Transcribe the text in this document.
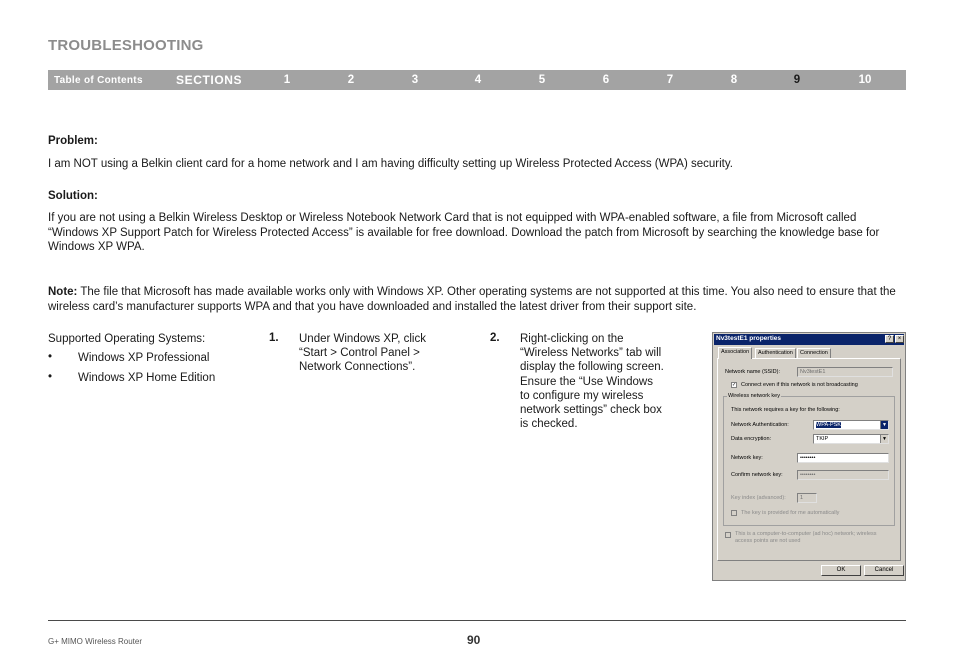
TROUBLESHOOTING
Table of Contents	SECTIONS	1	2	3	4	5	6	7	8	9	10
Problem:
I am NOT using a Belkin client card for a home network and I am having difficulty setting up Wireless Protected Access (WPA) security.
Solution:
If you are not using a Belkin Wireless Desktop or Wireless Notebook Network Card that is not equipped with WPA-enabled software, a file from Microsoft called “Windows XP Support Patch for Wireless Protected Access” is available for free download. Download the patch from Microsoft by searching the knowledge base for Windows XP WPA.
Note: The file that Microsoft has made available works only with Windows XP. Other operating systems are not supported at this time. You also need to ensure that the wireless card’s manufacturer supports WPA and that you have downloaded and installed the latest driver from their support site.
Supported Operating Systems:
• Windows XP Professional
• Windows XP Home Edition
1. Under Windows XP, click
“Start > Control Panel >
Network Connections”.
2. Right-clicking on the
“Wireless Networks” tab will
display the following screen.
Ensure the “Use Windows
to configure my wireless
network settings” check box
is checked.
Nv3testE1 properties	?	×
Association	Authentication	Connection
Network name (SSID):	Nv3testE1
✓ Connect even if this network is not broadcasting
Wireless network key
This network requires a key for the following:
Network Authentication:	WPA-PSK	▼
Data encryption:	TKIP	▼
Network key:	••••••••
Confirm network key:	••••••••
Key index (advanced):	1
The key is provided for me automatically
This is a computer-to-computer (ad hoc) network; wireless
access points are not used
OK	Cancel
G+ MIMO Wireless Router	90
